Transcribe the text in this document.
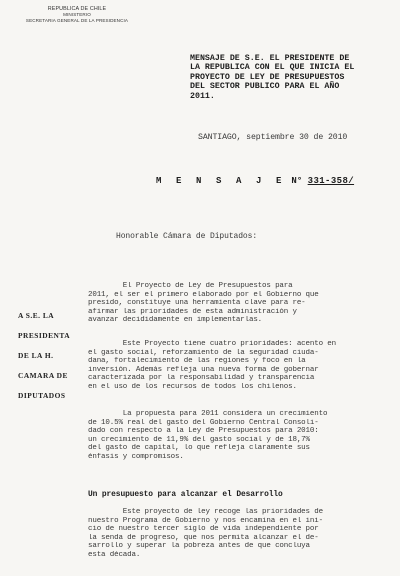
REPUBLICA DE CHILE
MINISTERIO
SECRETARIA GENERAL DE LA PRESIDENCIA
MENSAJE DE S.E. EL PRESIDENTE DE
LA REPUBLICA CON EL QUE INICIA EL
PROYECTO DE LEY DE PRESUPUESTOS
DEL SECTOR PUBLICO PARA EL AÑO
2011.
SANTIAGO, septiembre 30 de 2010
M E N S A J E N° 331-358/
Honorable Cámara de Diputados:
A S.E. LA
PRESIDENTA
DE LA H.
CAMARA DE
DIPUTADOS
El Proyecto de Ley de Presupuestos para
2011, el ser el primero elaborado por el Gobierno que
presido, constituye una herramienta clave para re-
afirmar las prioridades de esta administración y
avanzar decididamente en implementarlas.
Este Proyecto tiene cuatro prioridades: acento en
el gasto social, reforzamiento de la seguridad ciuda-
dana, fortalecimiento de las regiones y foco en la
inversión. Además refleja una nueva forma de gobernar
caracterizada por la responsabilidad y transparencia
en el uso de los recursos de todos los chilenos.
La propuesta para 2011 considera un crecimiento
de 10.5% real del gasto del Gobierno Central Consoli-
dado con respecto a la Ley de Presupuestos para 2010:
un crecimiento de 11,9% del gasto social y de 18,7%
del gasto de capital, lo que refleja claramente sus
énfasis y compromisos.
Un presupuesto para alcanzar el Desarrollo
Este proyecto de ley recoge las prioridades de
nuestro Programa de Gobierno y nos encamina en el ini-
cio de nuestro tercer siglo de vida independiente por
la senda de progreso, que nos permita alcanzar el de-
sarrollo y superar la pobreza antes de que concluya
esta década.
